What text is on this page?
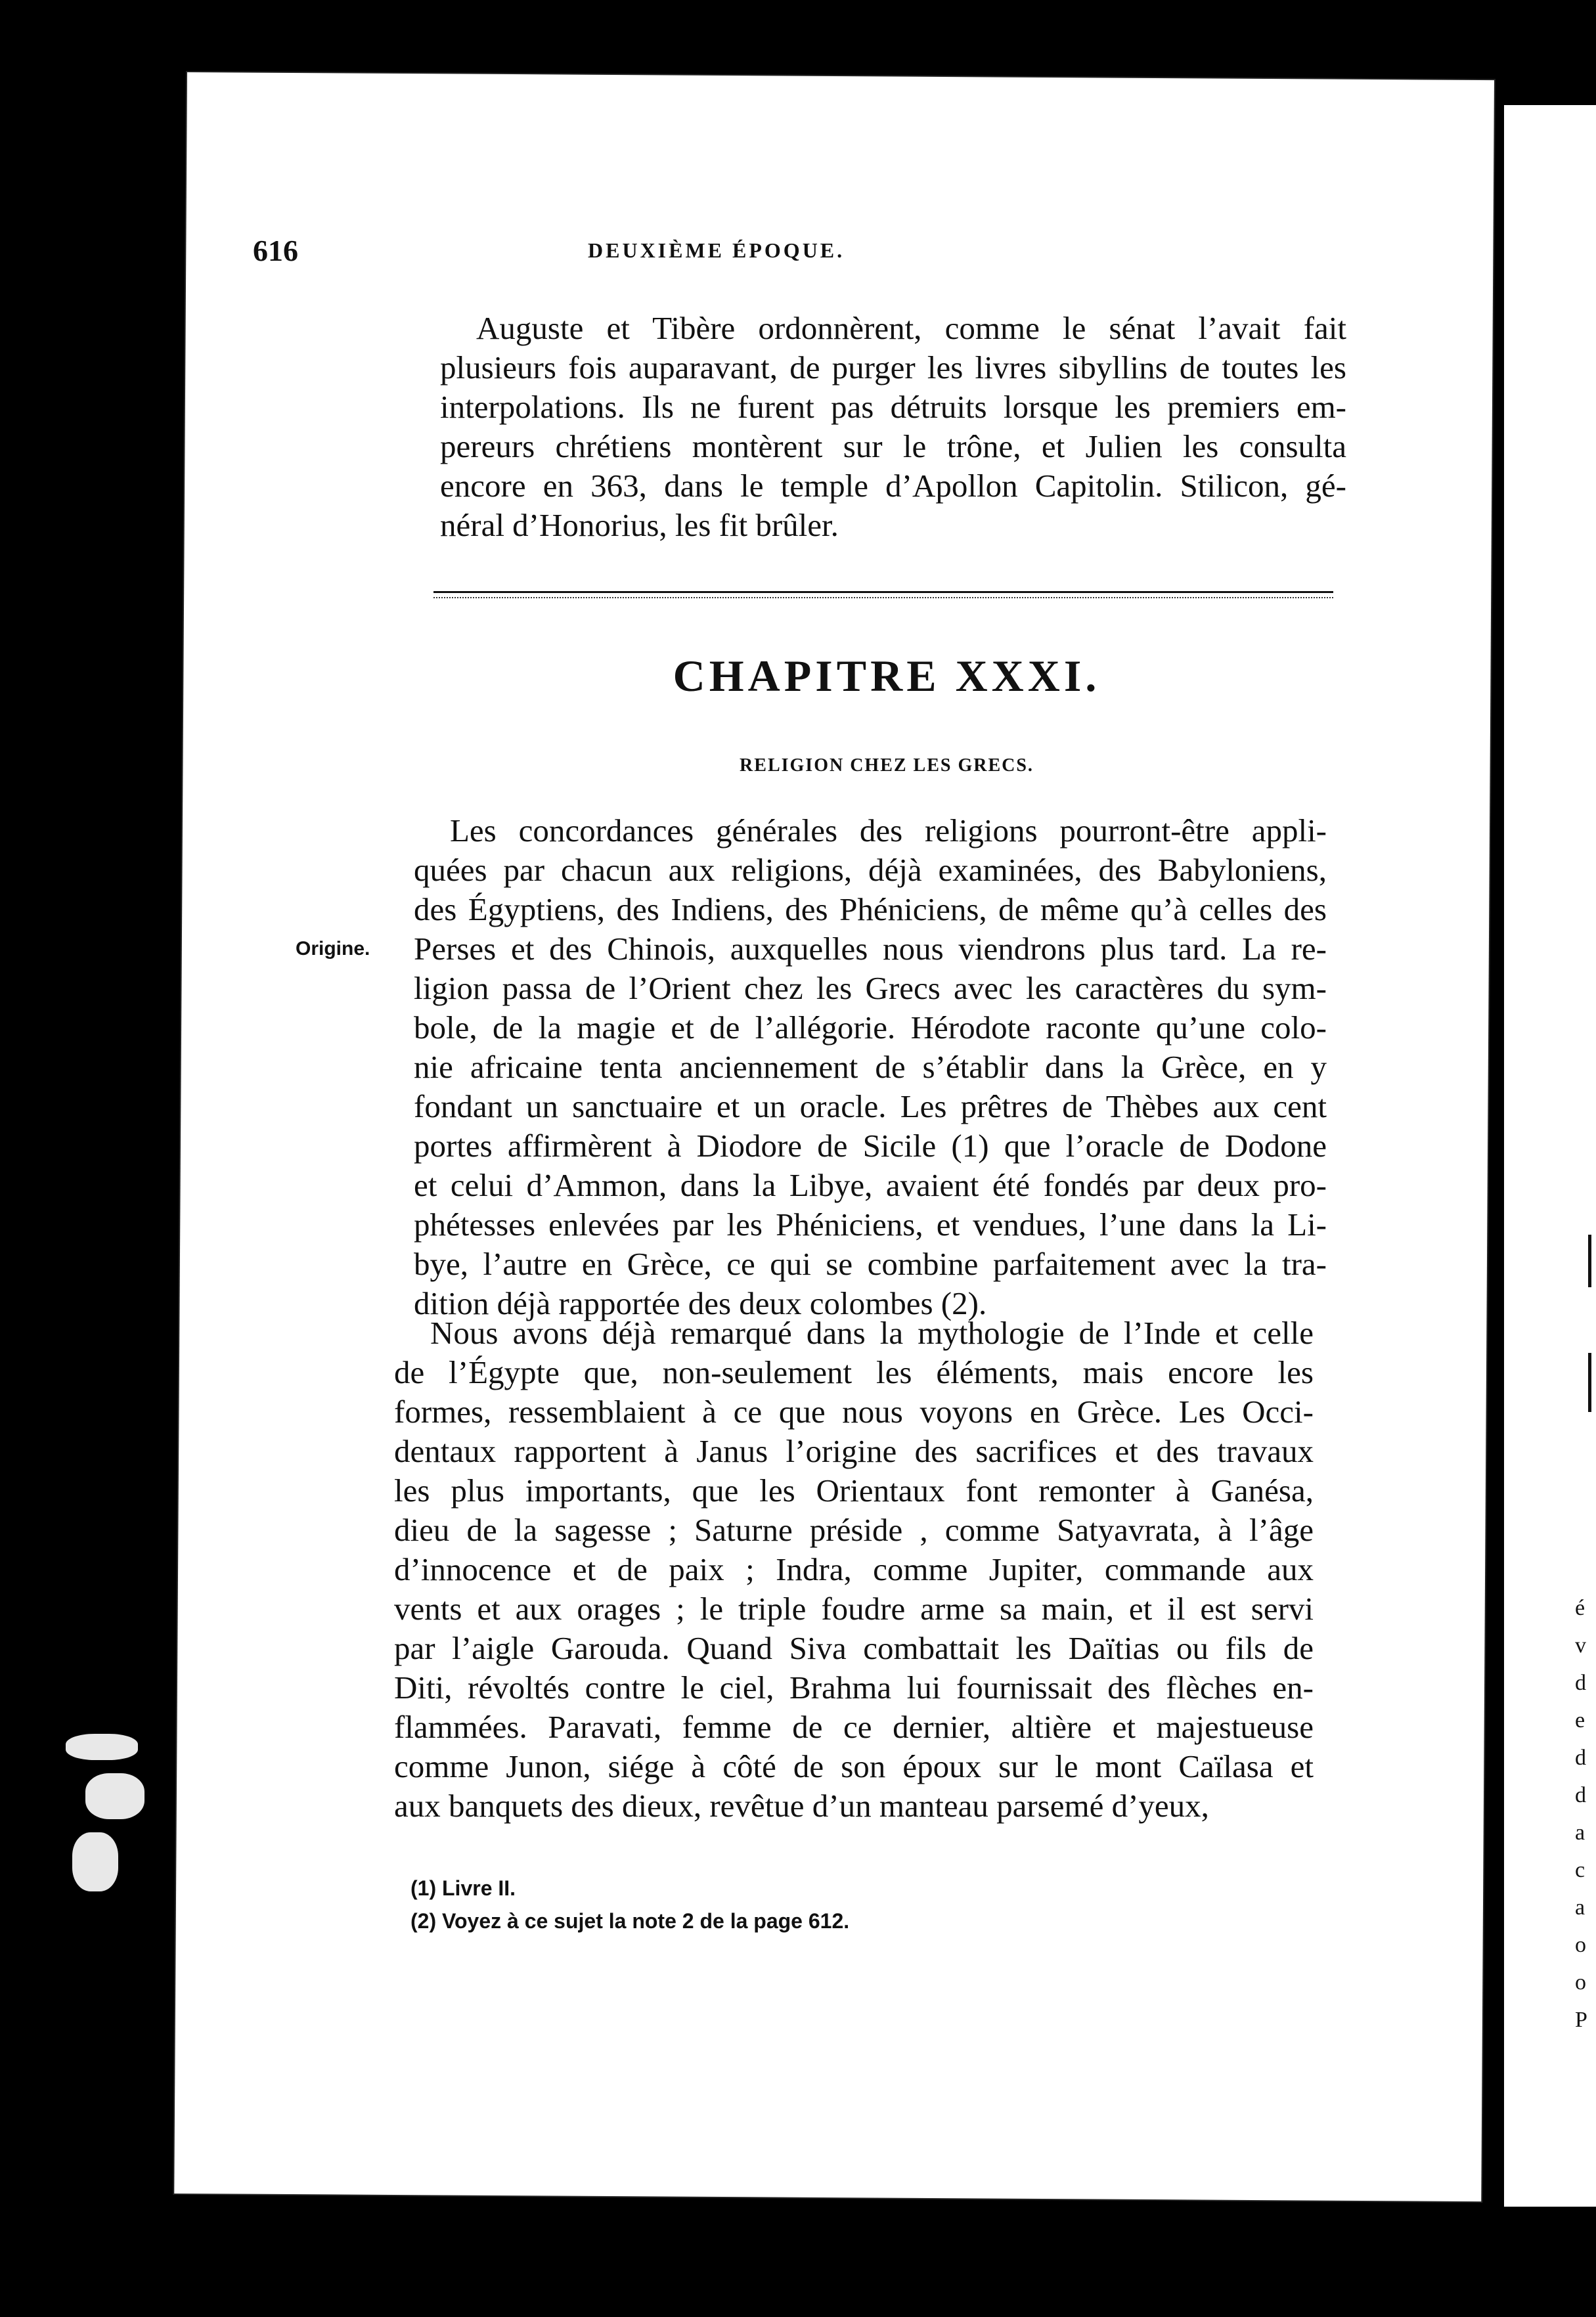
é
v
d
e
d
d
a
c
a
o
o
P
616	DEUXIÈME ÉPOQUE.
Auguste et Tibère ordonnèrent, comme le sénat l’avait fait
plusieurs fois auparavant, de purger les livres sibyllins de toutes les
interpolations. Ils ne furent pas détruits lorsque les premiers em-
pereurs chrétiens montèrent sur le trône, et Julien les consulta
encore en 363, dans le temple d’Apollon Capitolin. Stilicon, gé-
néral d’Honorius, les fit brûler.
CHAPITRE XXXI.
RELIGION CHEZ LES GRECS.
Origine.
Les concordances générales des religions pourront-être appli-
quées par chacun aux religions, déjà examinées, des Babyloniens,
des Égyptiens, des Indiens, des Phéniciens, de même qu’à celles des
Perses et des Chinois, auxquelles nous viendrons plus tard. La re-
ligion passa de l’Orient chez les Grecs avec les caractères du sym-
bole, de la magie et de l’allégorie. Hérodote raconte qu’une colo-
nie africaine tenta anciennement de s’établir dans la Grèce, en y
fondant un sanctuaire et un oracle. Les prêtres de Thèbes aux cent
portes affirmèrent à Diodore de Sicile (1) que l’oracle de Dodone
et celui d’Ammon, dans la Libye, avaient été fondés par deux pro-
phétesses enlevées par les Phéniciens, et vendues, l’une dans la Li-
bye, l’autre en Grèce, ce qui se combine parfaitement avec la tra-
dition déjà rapportée des deux colombes (2).
Nous avons déjà remarqué dans la mythologie de l’Inde et celle
de l’Égypte que, non-seulement les éléments, mais encore les
formes, ressemblaient à ce que nous voyons en Grèce. Les Occi-
dentaux rapportent à Janus l’origine des sacrifices et des travaux
les plus importants, que les Orientaux font remonter à Ganésa,
dieu de la sagesse ; Saturne préside , comme Satyavrata, à l’âge
d’innocence et de paix ; Indra, comme Jupiter, commande aux
vents et aux orages ; le triple foudre arme sa main, et il est servi
par l’aigle Garouda. Quand Siva combattait les Daïtias ou fils de
Diti, révoltés contre le ciel, Brahma lui fournissait des flèches en-
flammées. Paravati, femme de ce dernier, altière et majestueuse
comme Junon, siége à côté de son époux sur le mont Caïlasa et
aux banquets des dieux, revêtue d’un manteau parsemé d’yeux,
(1) Livre II.
(2) Voyez à ce sujet la note 2 de la page 612.
